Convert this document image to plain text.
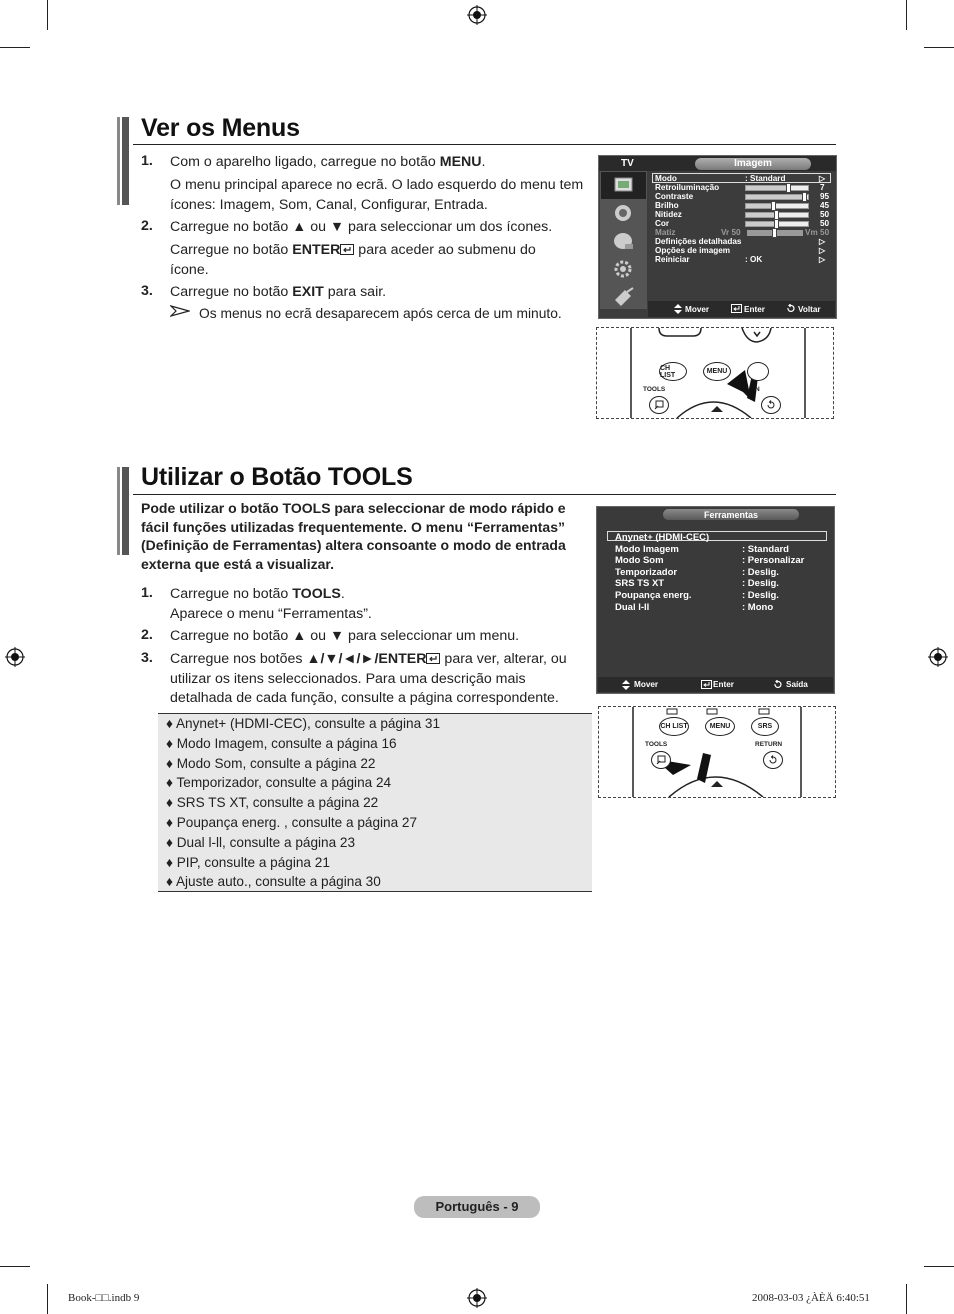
Ver os Menus
1. Com o aparelho ligado, carregue no botão MENU.
O menu principal aparece no ecrã. O lado esquerdo do menu tem ícones: Imagem, Som, Canal, Configurar, Entrada.
2. Carregue no botão ▲ ou ▼ para seleccionar um dos ícones.
Carregue no botão ENTER para aceder ao submenu do ícone.
3. Carregue no botão EXIT para sair.
Os menus no ecrã desaparecem após cerca de um minuto.
TV	Imagem
Modo	: Standard	▷
Retroiluminação	7
Contraste	95
Brilho	45
Nitidez	50
Cor	50
Matiz	Vr 50	Vm 50
Definições detalhadas	▷
Opções de imagem	▷
Reiniciar	: OK	▷
Mover	Enter	Voltar
CH LIST	MENU
TOOLS	N
Utilizar o Botão TOOLS
Pode utilizar o botão TOOLS para seleccionar de modo rápido e fácil funções utilizadas frequentemente. O menu “Ferramentas” (Definição de Ferramentas) altera consoante o modo de entrada externa que está a visualizar.
1. Carregue no botão TOOLS.
Aparece o menu “Ferramentas”.
2. Carregue no botão ▲ ou ▼ para seleccionar um menu.
3. Carregue nos botões ▲/▼/◄/►/ENTER para ver, alterar, ou utilizar os itens seleccionados. Para uma descrição mais detalhada de cada função, consulte a página correspondente.
Ferramentas
Anynet+ (HDMI-CEC)
Modo Imagem	: Standard
Modo Som	: Personalizar
Temporizador	: Deslig.
SRS TS XT	: Deslig.
Poupança energ.	: Deslig.
Dual l-ll	: Mono
Mover	Enter	Saída
CH LIST	MENU	SRS
TOOLS	RETURN
♦ Anynet+ (HDMI-CEC), consulte a página 31
♦ Modo Imagem, consulte a página 16
♦ Modo Som, consulte a página 22
♦ Temporizador, consulte a página 24
♦ SRS TS XT, consulte a página 22
♦ Poupança energ. , consulte a página 27
♦ Dual l-ll, consulte a página 23
♦ PIP, consulte a página 21
♦ Ajuste auto., consulte a página 30
Português - 9
Book-□□.indb 9	2008-03-03 ¿ÀÈÄ 6:40:51
